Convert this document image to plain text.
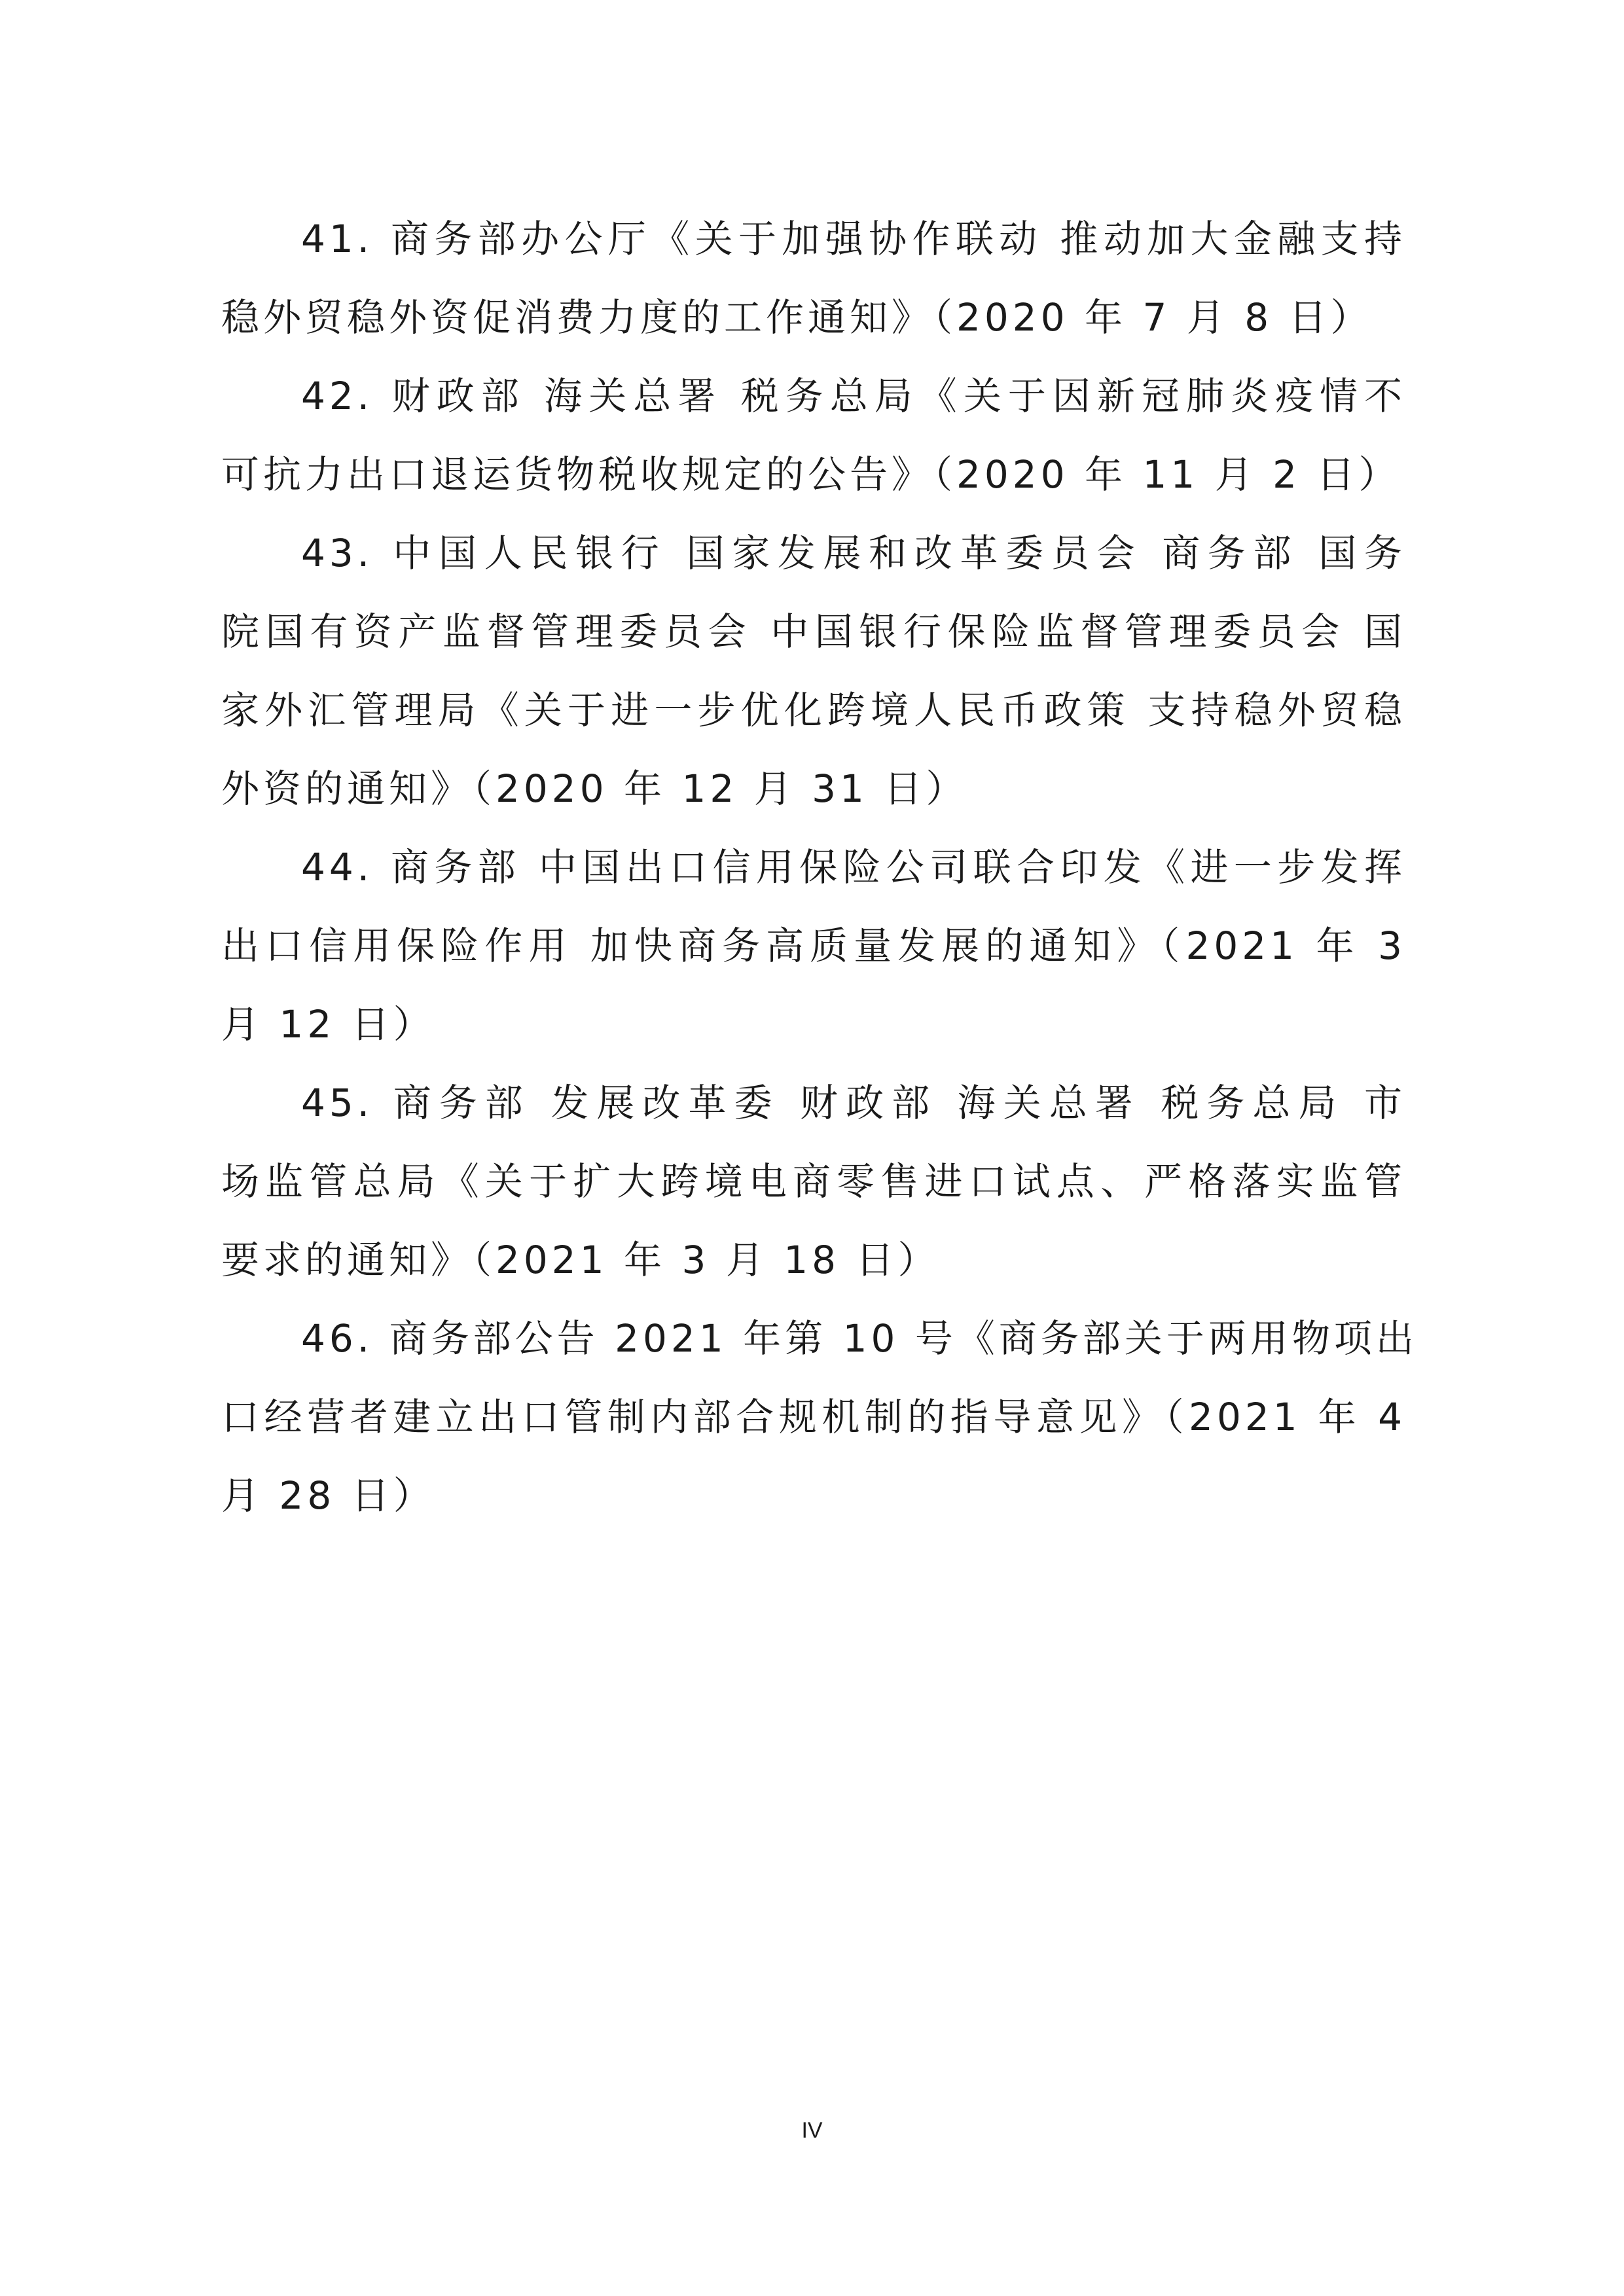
41. 商务部办公厅《关于加强协作联动 推动加大金融支持
稳外贸稳外资促消费力度的工作通知》（2020 年 7 月 8 日）
42. 财政部 海关总署 税务总局《关于因新冠肺炎疫情不
可抗力出口退运货物税收规定的公告》（2020 年 11 月 2 日）
43. 中国人民银行 国家发展和改革委员会 商务部 国务
院国有资产监督管理委员会 中国银行保险监督管理委员会 国
家外汇管理局《关于进一步优化跨境人民币政策 支持稳外贸稳
外资的通知》（2020 年 12 月 31 日）
44. 商务部 中国出口信用保险公司联合印发《进一步发挥
出口信用保险作用 加快商务高质量发展的通知》（2021 年 3
月 12 日）
45. 商务部 发展改革委 财政部 海关总署 税务总局 市
场监管总局《关于扩大跨境电商零售进口试点、严格落实监管
要求的通知》（2021 年 3 月 18 日）
46. 商务部公告 2021 年第 10 号《商务部关于两用物项出
口经营者建立出口管制内部合规机制的指导意见》（2021 年 4
月 28 日）
IV
